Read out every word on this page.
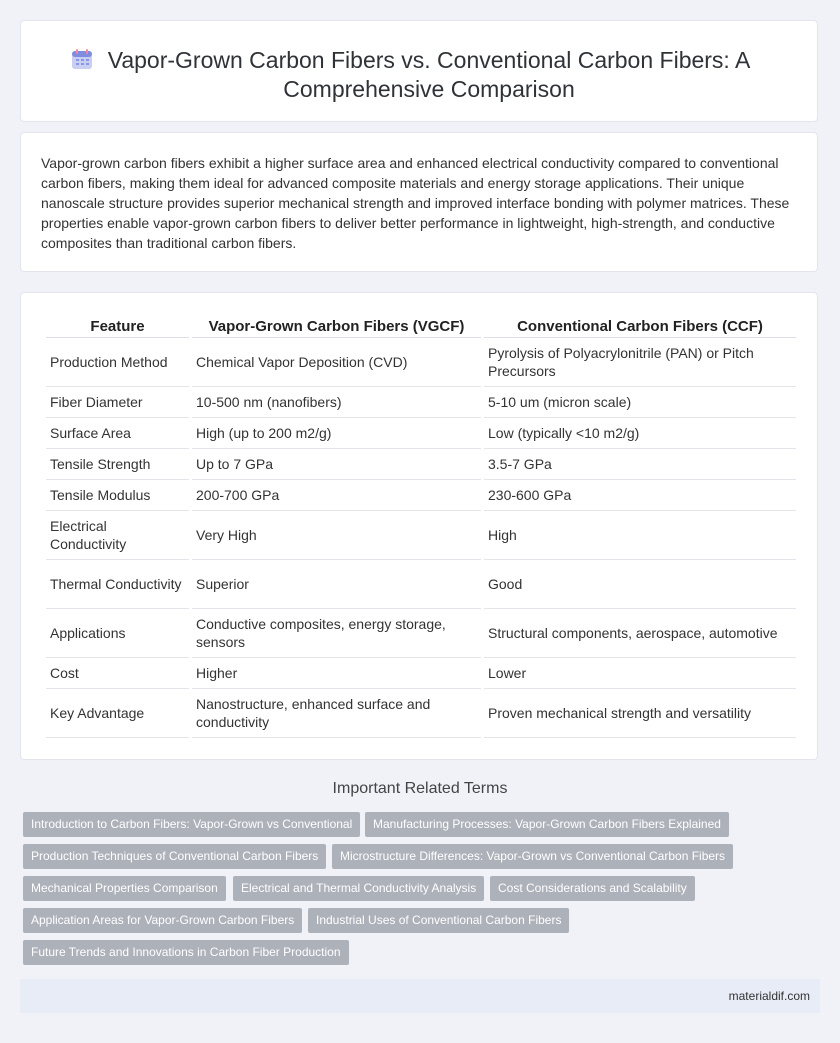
Vapor-Grown Carbon Fibers vs. Conventional Carbon Fibers: A Comprehensive Comparison

Vapor-grown carbon fibers exhibit a higher surface area and enhanced electrical conductivity compared to conventional carbon fibers, making them ideal for advanced composite materials and energy storage applications. Their unique nanoscale structure provides superior mechanical strength and improved interface bonding with polymer matrices. These properties enable vapor-grown carbon fibers to deliver better performance in lightweight, high-strength, and conductive composites than traditional carbon fibers.

Feature	Vapor-Grown Carbon Fibers (VGCF)	Conventional Carbon Fibers (CCF)
Production Method	Chemical Vapor Deposition (CVD)	Pyrolysis of Polyacrylonitrile (PAN) or Pitch Precursors
Fiber Diameter	10-500 nm (nanofibers)	5-10 um (micron scale)
Surface Area	High (up to 200 m2/g)	Low (typically <10 m2/g)
Tensile Strength	Up to 7 GPa	3.5-7 GPa
Tensile Modulus	200-700 GPa	230-600 GPa
Electrical Conductivity	Very High	High
Thermal Conductivity	Superior	Good
Applications	Conductive composites, energy storage, sensors	Structural components, aerospace, automotive
Cost	Higher	Lower
Key Advantage	Nanostructure, enhanced surface and conductivity	Proven mechanical strength and versatility
Important Related Terms
Introduction to Carbon Fibers: Vapor-Grown vs Conventional	Manufacturing Processes: Vapor-Grown Carbon Fibers Explained
Production Techniques of Conventional Carbon Fibers	Microstructure Differences: Vapor-Grown vs Conventional Carbon Fibers
Mechanical Properties Comparison	Electrical and Thermal Conductivity Analysis	Cost Considerations and Scalability
Application Areas for Vapor-Grown Carbon Fibers	Industrial Uses of Conventional Carbon Fibers
Future Trends and Innovations in Carbon Fiber Production
materialdif.com
